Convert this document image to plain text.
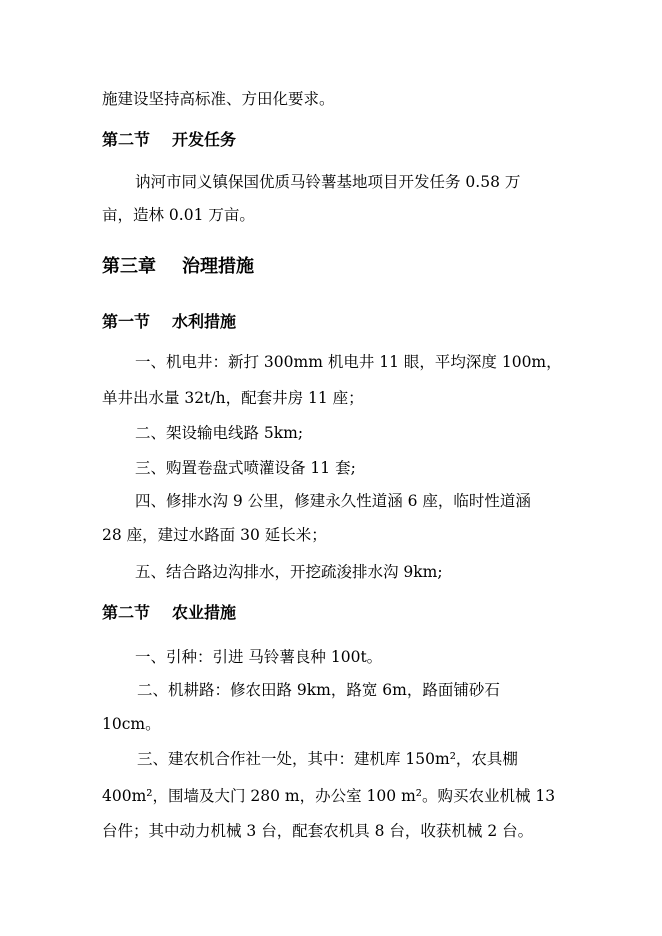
施建设坚持高标准、方田化要求。
第二节 开发任务
讷河市同义镇保国优质马铃薯基地项目开发任务 0.58 万
亩，造林 0.01 万亩。
第三章 治理措施
第一节 水利措施
一、机电井：新打 300mm 机电井 11 眼，平均深度 100m，
单井出水量 32t/h，配套井房 11 座；
二、架设输电线路 5km;
三、购置卷盘式喷灌设备 11 套;
四、修排水沟 9 公里，修建永久性道涵 6 座，临时性道涵
28 座，建过水路面 30 延长米；
五、结合路边沟排水，开挖疏浚排水沟 9km;
第二节 农业措施
一、引种：引进 马铃薯良种 100t。
二、机耕路：修农田路 9km，路宽 6m，路面铺砂石
10cm。
三、建农机合作社一处，其中：建机库 150m²，农具棚
400m²，围墙及大门 280 m，办公室 100 m²。购买农业机械 13
台件；其中动力机械 3 台，配套农机具 8 台，收获机械 2 台。
